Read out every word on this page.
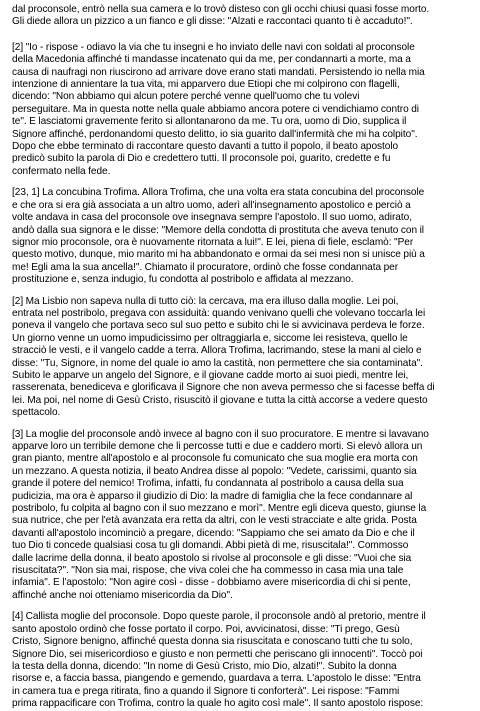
dal proconsole, entrò nella sua camera e lo trovò disteso con gli occhi chiusi quasi fosse morto.
Gli diede allora un pizzico a un fianco e gli disse: "Alzati e raccontaci quanto ti è accaduto!".

[2] "Io - rispose - odiavo la via che tu insegni e ho inviato delle navi con soldati al proconsole
della Macedonia affinché ti mandasse incatenato qui da me, per condannarti a morte, ma a
causa di naufragi non riuscirono ad arrivare dove erano stati mandati. Persistendo io nella mia
intenzione di annientare la tua vita, mi apparvero due Etiopi che mi colpirono con flagelli,
dicendo: "Non abbiamo qui alcun potere perché venne quell'uomo che tu volevi
perseguitare. Ma in questa notte nella quale abbiamo ancora potere ci vendichiamo contro di
te". E lasciatomi gravemente ferito si allontanarono da me. Tu ora, uomo di Dio, supplica il
Signore affinché, perdonandomi questo delitto, io sia guarito dall'infermità che mi ha colpito".
Dopo che ebbe terminato di raccontare questo davanti a tutto il popolo, il beato apostolo
predicò subito la parola di Dio e credettero tutti. Il proconsole poi, guarito, credette e fu
confermato nella fede.

[23, 1] La concubina Trofima. Allora Trofima, che una volta era stata concubina del proconsole
e che ora si era già associata a un altro uomo, aderì all'insegnamento apostolico e perciò a
volte andava in casa del proconsole ove insegnava sempre l'apostolo. Il suo uomo, adirato,
andò dalla sua signora e le disse: "Memore della condotta di prostituta che aveva tenuto con il
signor mio proconsole, ora è nuovamente ritornata a lui!". E lei, piena di fiele, esclamò: "Per
questo motivo, dunque, mio marito mi ha abbandonato e ormai da sei mesi non si unisce più a
me! Egli ama la sua ancella!". Chiamato il procuratore, ordinò che fosse condannata per
prostituzione e, senza indugio, fu condotta al postribolo e affidata al mezzano.

[2] Ma Lisbio non sapeva nulla di tutto ciò: la cercava, ma era illuso dalla moglie. Lei poi,
entrata nel postribolo, pregava con assiduità: quando venivano quelli che volevano toccarla lei
poneva il vangelo che portava seco sul suo petto e subito chi le si avvicinava perdeva le forze.
Un giorno venne un uomo impudicissimo per oltraggiarla e, siccome lei resisteva, quello le
stracciò le vesti, e il vangelo cadde a terra. Allora Trofima, lacrimando, stese la mani al cielo e
disse: "Tu, Signore, in nome del quale io amo la castità, non permettere che sia contaminata".
Subito le apparve un angelo del Signore, e il giovane cadde morto ai suoi piedi, mentre lei,
rasserenata, benediceva e glorificava il Signore che non aveva permesso che si facesse beffa di
lei. Ma poi, nel nome di Gesù Cristo, risuscitò il giovane e tutta la città accorse a vedere questo
spettacolo.

[3] La moglie del proconsole andò invece al bagno con il suo procuratore. E mentre si lavavano
apparve loro un terribile demone che li percosse tutti e due e caddero morti. Si elevò allora un
gran pianto, mentre all'apostolo e al proconsole fu comunicato che sua moglie era morta con
un mezzano. A questa notizia, il beato Andrea disse al popolo: "Vedete, carissimi, quanto sia
grande il potere del nemico! Trofima, infatti, fu condannata al postribolo a causa della sua
pudicizia, ma ora è apparso il giudizio di Dio: la madre di famiglia che la fece condannare al
postribolo, fu colpita al bagno con il suo mezzano e morì". Mentre egli diceva questo, giunse la
sua nutrice, che per l'età avanzata era retta da altri, con le vesti stracciate e alte grida. Posta
davanti all'apostolo incominciò a pregare, dicendo: "Sappiamo che sei amato da Dio e che il
tuo Dio ti concede qualsiasi cosa tu gli domandi. Abbi pietà di me, risuscitala!". Commosso
dalle lacrime della donna, il beato apostolo si rivolse al proconsole e gli disse: "Vuoi che sia
risuscitata?". "Non sia mai, rispose, che viva colei che ha commesso in casa mia una tale
infamia". E l'apostolo: "Non agire così - disse - dobbiamo avere misericordia di chi si pente,
affinché anche noi otteniamo misericordia da Dio".

[4] Callista moglie del proconsole. Dopo queste parole, il proconsole andò al pretorio, mentre il
santo apostolo ordinò che fosse portato il corpo. Poi, avvicinatosi, disse: "Ti prego, Gesù
Cristo, Signore benigno, affinché questa donna sia risuscitata e conoscano tutti che tu solo,
Signore Dio, sei misericordioso e giusto e non permetti che periscano gli innocenti". Toccò poi
la testa della donna, dicendo: "In nome di Gesù Cristo, mio Dio, alzati!". Subito la donna
risorse e, a faccia bassa, piangendo e gemendo, guardava a terra. L'apostolo le disse: "Entra
in camera tua e prega ritirata, fino a quando il Signore ti conforterà". Lei rispose: "Fammi
prima rappacificare con Trofima, contro la quale ho agito così male". Il santo apostolo rispose:
